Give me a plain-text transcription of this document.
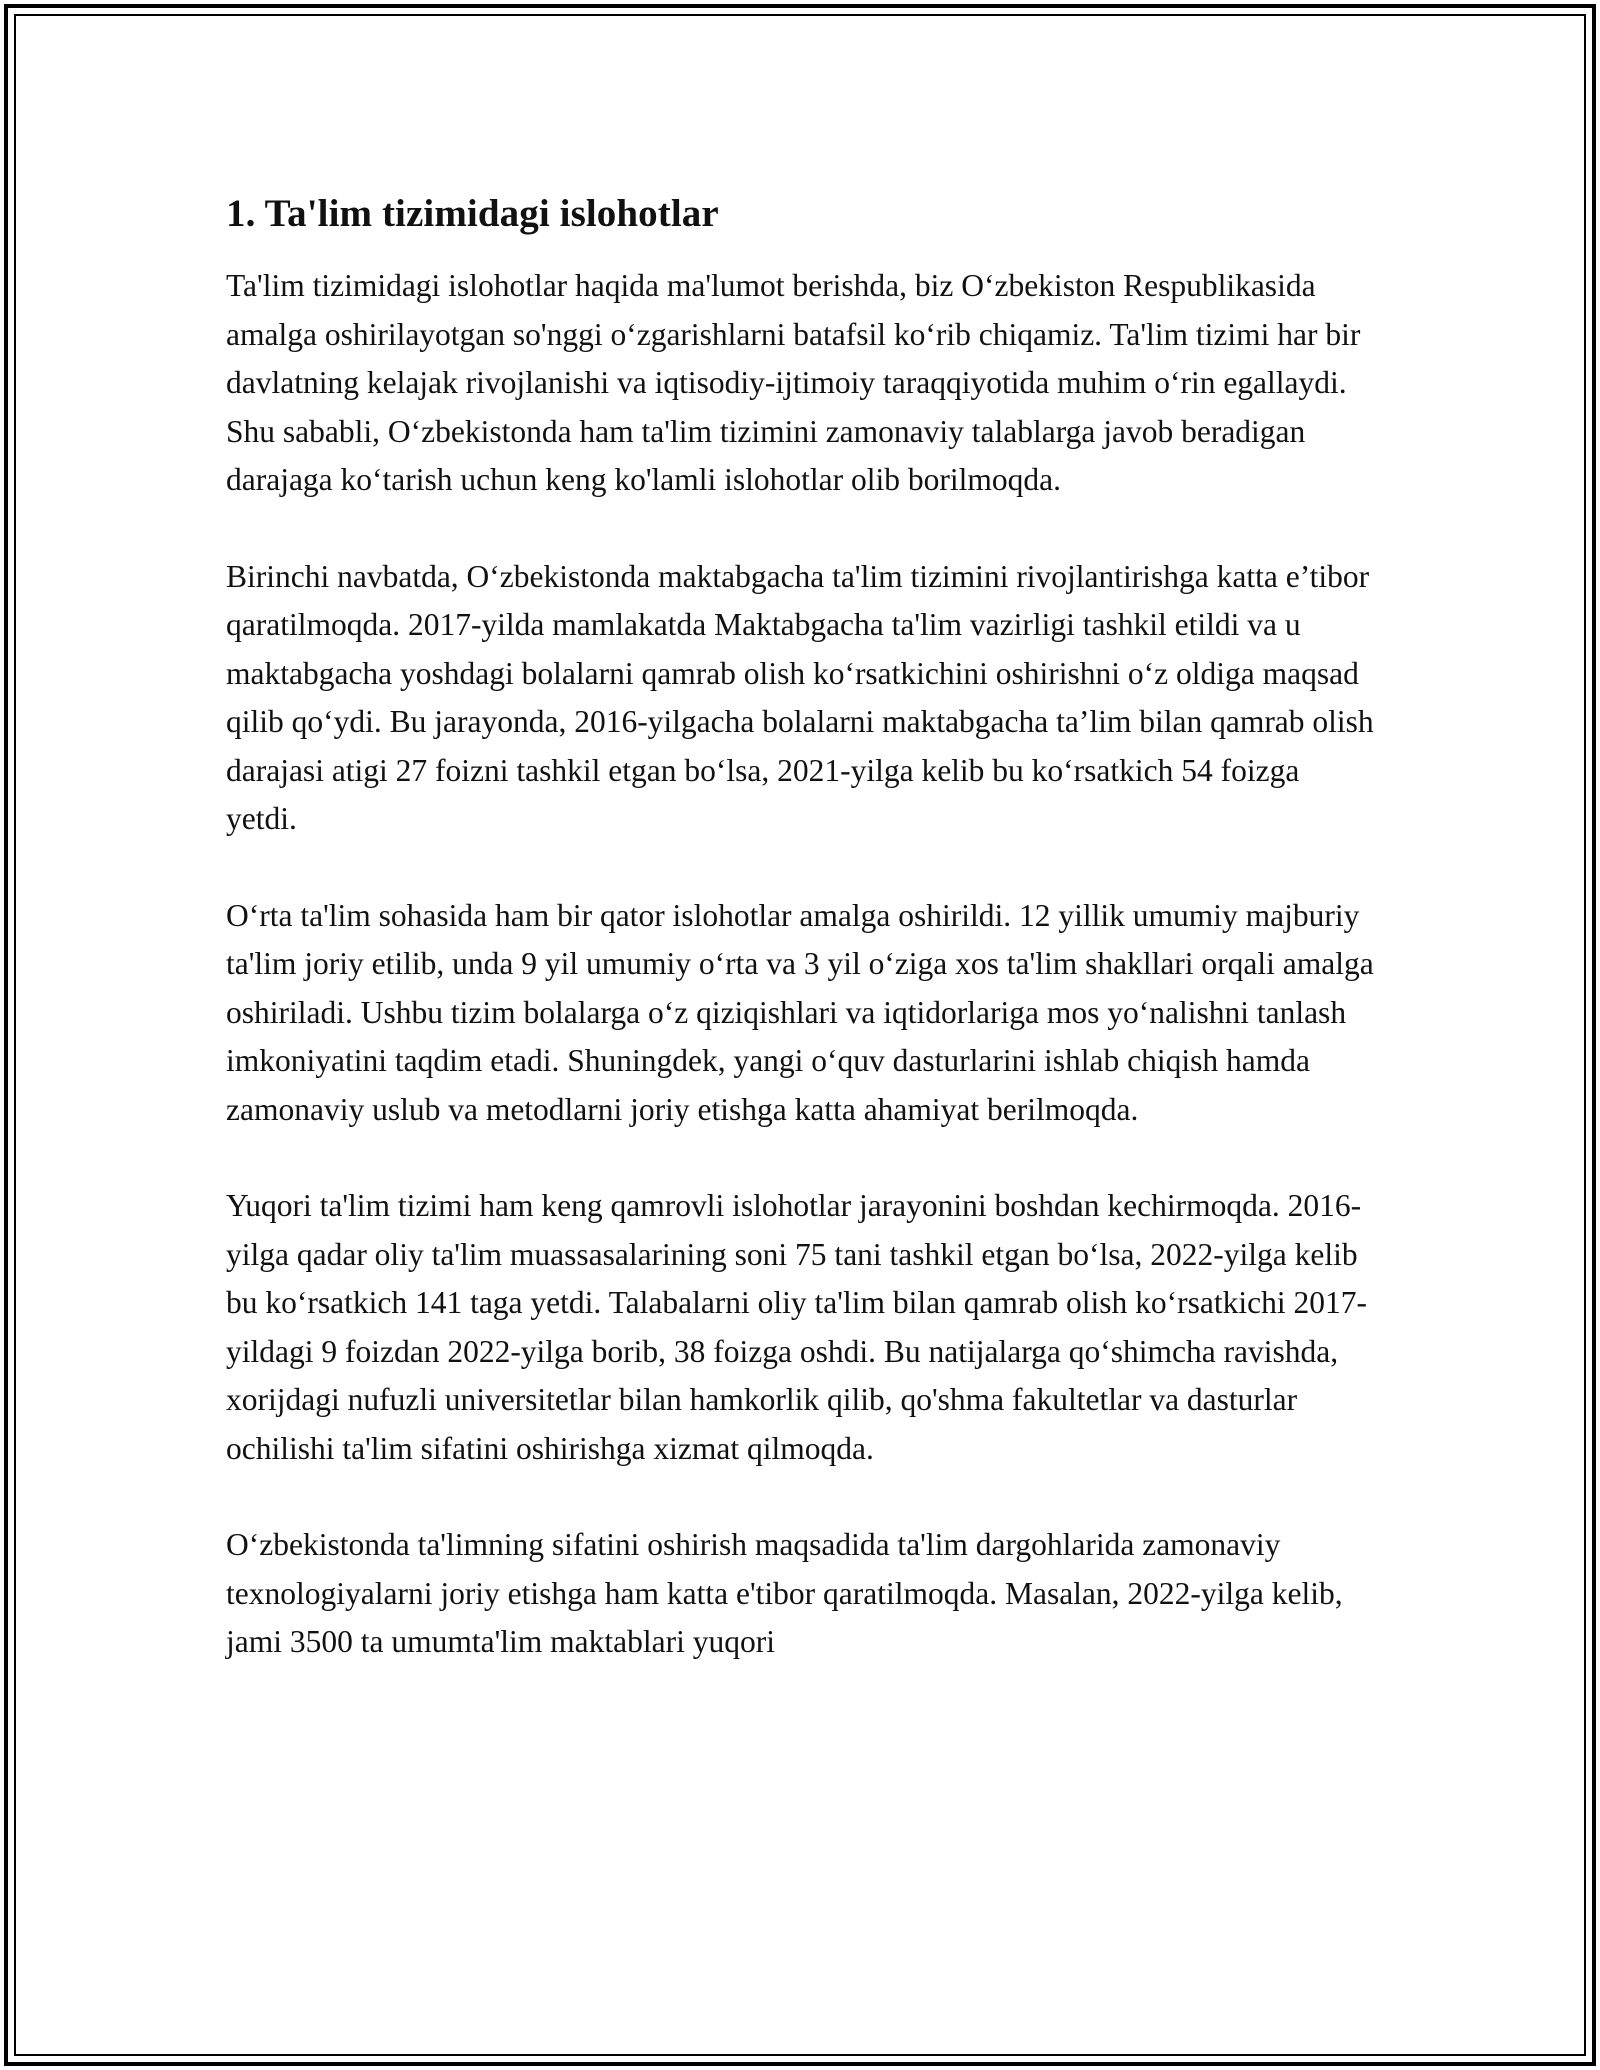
1. Ta'lim tizimidagi islohotlar

Ta'lim tizimidagi islohotlar haqida ma'lumot berishda, biz O‘zbekiston Respublikasida amalga oshirilayotgan so'nggi o‘zgarishlarni batafsil ko‘rib chiqamiz. Ta'lim tizimi har bir davlatning kelajak rivojlanishi va iqtisodiy-ijtimoiy taraqqiyotida muhim o‘rin egallaydi. Shu sababli, O‘zbekistonda ham ta'lim tizimini zamonaviy talablarga javob beradigan darajaga ko‘tarish uchun keng ko'lamli islohotlar olib borilmoqda.

Birinchi navbatda, O‘zbekistonda maktabgacha ta'lim tizimini rivojlantirishga katta e’tibor qaratilmoqda. 2017-yilda mamlakatda Maktabgacha ta'lim vazirligi tashkil etildi va u maktabgacha yoshdagi bolalarni qamrab olish ko‘rsatkichini oshirishni o‘z oldiga maqsad qilib qo‘ydi. Bu jarayonda, 2016-yilgacha bolalarni maktabgacha ta’lim bilan qamrab olish darajasi atigi 27 foizni tashkil etgan bo‘lsa, 2021-yilga kelib bu ko‘rsatkich 54 foizga yetdi.

O‘rta ta'lim sohasida ham bir qator islohotlar amalga oshirildi. 12 yillik umumiy majburiy ta'lim joriy etilib, unda 9 yil umumiy o‘rta va 3 yil o‘ziga xos ta'lim shakllari orqali amalga oshiriladi. Ushbu tizim bolalarga o‘z qiziqishlari va iqtidorlariga mos yo‘nalishni tanlash imkoniyatini taqdim etadi. Shuningdek, yangi o‘quv dasturlarini ishlab chiqish hamda zamonaviy uslub va metodlarni joriy etishga katta ahamiyat berilmoqda.

Yuqori ta'lim tizimi ham keng qamrovli islohotlar jarayonini boshdan kechirmoqda. 2016-yilga qadar oliy ta'lim muassasalarining soni 75 tani tashkil etgan bo‘lsa, 2022-yilga kelib bu ko‘rsatkich 141 taga yetdi. Talabalarni oliy ta'lim bilan qamrab olish ko‘rsatkichi 2017-yildagi 9 foizdan 2022-yilga borib, 38 foizga oshdi. Bu natijalarga qo‘shimcha ravishda, xorijdagi nufuzli universitetlar bilan hamkorlik qilib, qo'shma fakultetlar va dasturlar ochilishi ta'lim sifatini oshirishga xizmat qilmoqda.

O‘zbekistonda ta'limning sifatini oshirish maqsadida ta'lim dargohlarida zamonaviy texnologiyalarni joriy etishga ham katta e'tibor qaratilmoqda. Masalan, 2022-yilga kelib, jami 3500 ta umumta'lim maktablari yuqori
